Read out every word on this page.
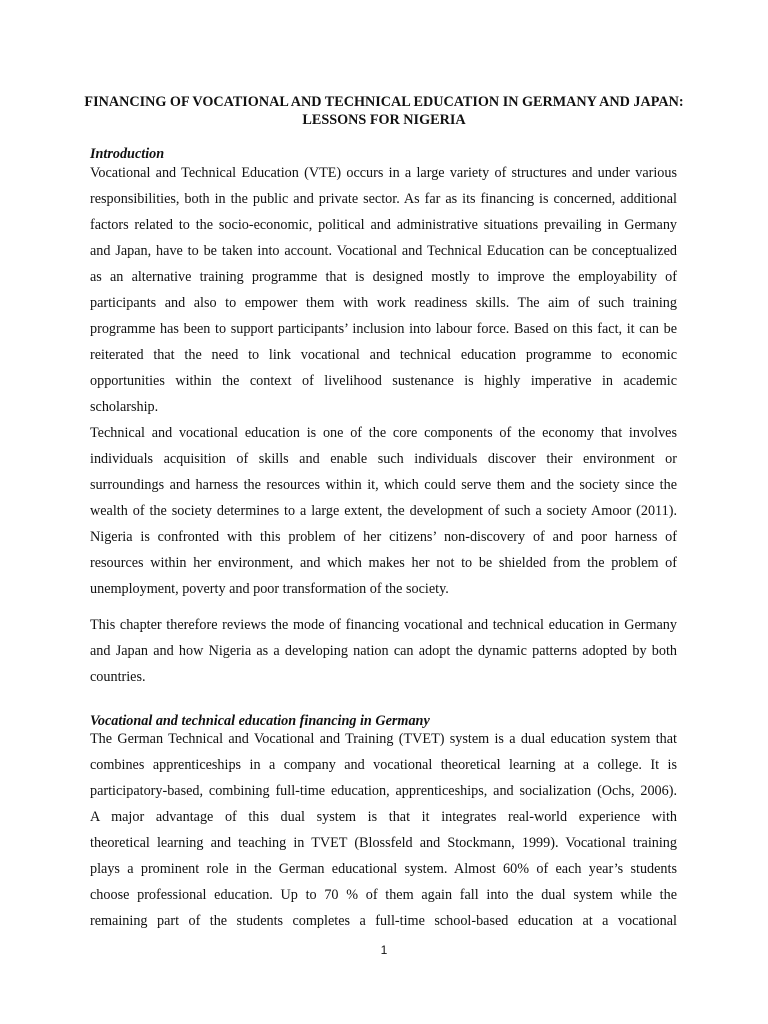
FINANCING OF VOCATIONAL AND TECHNICAL EDUCATION IN GERMANY AND JAPAN: LESSONS FOR NIGERIA
Introduction
Vocational and Technical Education (VTE) occurs in a large variety of structures and under various
responsibilities, both in the public and private sector. As far as its financing is concerned, additional
factors related to the socio-economic, political and administrative situations prevailing in Germany
and Japan, have to be taken into account. Vocational and Technical Education can be conceptualized
as an alternative training programme that is designed mostly to improve the employability of
participants and also to empower them with work readiness skills. The aim of such training
programme has been to support participants’ inclusion into labour force. Based on this fact, it can be
reiterated that the need to link vocational and technical education programme to economic
opportunities within the context of livelihood sustenance is highly imperative in academic
scholarship.
Technical and vocational education is one of the core components of the economy that involves
individuals acquisition of skills and enable such individuals discover their environment or
surroundings and harness the resources within it, which could serve them and the society since the
wealth of the society determines to a large extent, the development of such a society Amoor (2011).
Nigeria is confronted with this problem of her citizens’ non-discovery of and poor harness of
resources within her environment, and which makes her not to be shielded from the problem of
unemployment, poverty and poor transformation of the society.
This chapter therefore reviews the mode of financing vocational and technical education in Germany
and Japan and how Nigeria as a developing nation can adopt the dynamic patterns adopted by both
countries.
Vocational and technical education financing in Germany
The German Technical and Vocational and Training (TVET) system is a dual education system that
combines apprenticeships in a company and vocational theoretical learning at a college. It is
participatory-based, combining full-time education, apprenticeships, and socialization (Ochs, 2006).
A major advantage of this dual system is that it integrates real-world experience with
theoretical learning and teaching in TVET (Blossfeld and Stockmann, 1999). Vocational training
plays a prominent role in the German educational system. Almost 60% of each year’s students
choose professional education. Up to 70 % of them again fall into the dual system while the
remaining part of the students completes a full-time school-based education at a vocational
1
